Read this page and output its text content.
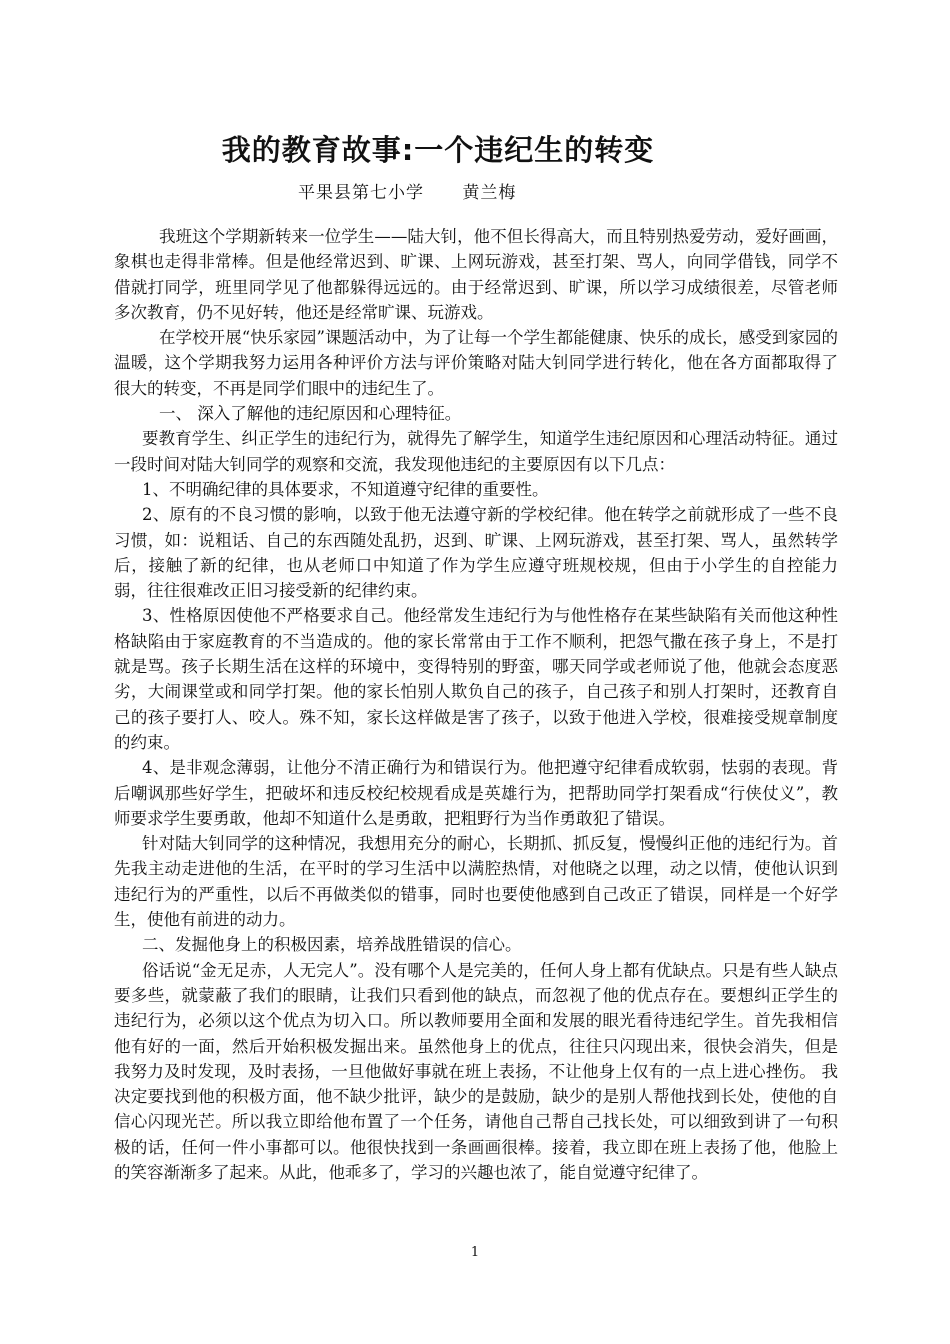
我的教育故事:一个违纪生的转变
平果县第七小学      黄兰梅

我班这个学期新转来一位学生——陆大钊，他不但长得高大，而且特别热爱劳动，爱好画画，象棋也走得非常棒。但是他经常迟到、旷课、上网玩游戏，甚至打架、骂人，向同学借钱，同学不借就打同学，班里同学见了他都躲得远远的。由于经常迟到、旷课，所以学习成绩很差，尽管老师多次教育，仍不见好转，他还是经常旷课、玩游戏。

在学校开展“快乐家园”课题活动中，为了让每一个学生都能健康、快乐的成长，感受到家园的温暖，这个学期我努力运用各种评价方法与评价策略对陆大钊同学进行转化，他在各方面都取得了很大的转变，不再是同学们眼中的违纪生了。

一、 深入了解他的违纪原因和心理特征。

要教育学生、纠正学生的违纪行为，就得先了解学生，知道学生违纪原因和心理活动特征。通过一段时间对陆大钊同学的观察和交流，我发现他违纪的主要原因有以下几点：

1、不明确纪律的具体要求，不知道遵守纪律的重要性。

2、原有的不良习惯的影响，以致于他无法遵守新的学校纪律。他在转学之前就形成了一些不良习惯，如：说粗话、自己的东西随处乱扔，迟到、旷课、上网玩游戏，甚至打架、骂人，虽然转学后，接触了新的纪律，也从老师口中知道了作为学生应遵守班规校规，但由于小学生的自控能力弱，往往很难改正旧习接受新的纪律约束。

3、性格原因使他不严格要求自己。他经常发生违纪行为与他性格存在某些缺陷有关而他这种性格缺陷由于家庭教育的不当造成的。他的家长常常由于工作不顺利，把怨气撒在孩子身上，不是打就是骂。孩子长期生活在这样的环境中，变得特别的野蛮，哪天同学或老师说了他，他就会态度恶劣，大闹课堂或和同学打架。他的家长怕别人欺负自己的孩子，自己孩子和别人打架时，还教育自己的孩子要打人、咬人。殊不知，家长这样做是害了孩子，以致于他进入学校，很难接受规章制度的约束。

4、是非观念薄弱，让他分不清正确行为和错误行为。他把遵守纪律看成软弱，怯弱的表现。背后嘲讽那些好学生，把破坏和违反校纪校规看成是英雄行为，把帮助同学打架看成“行侠仗义”，教师要求学生要勇敢，他却不知道什么是勇敢，把粗野行为当作勇敢犯了错误。

针对陆大钊同学的这种情况，我想用充分的耐心，长期抓、抓反复，慢慢纠正他的违纪行为。首先我主动走进他的生活，在平时的学习生活中以满腔热情，对他晓之以理，动之以情，使他认识到违纪行为的严重性，以后不再做类似的错事，同时也要使他感到自己改正了错误，同样是一个好学生，使他有前进的动力。

二、发掘他身上的积极因素，培养战胜错误的信心。

俗话说“金无足赤，人无完人”。没有哪个人是完美的，任何人身上都有优缺点。只是有些人缺点要多些，就蒙蔽了我们的眼睛，让我们只看到他的缺点，而忽视了他的优点存在。要想纠正学生的违纪行为，必须以这个优点为切入口。所以教师要用全面和发展的眼光看待违纪学生。首先我相信他有好的一面，然后开始积极发掘出来。虽然他身上的优点，往往只闪现出来，很快会消失，但是我努力及时发现，及时表扬，一旦他做好事就在班上表扬，不让他身上仅有的一点上进心挫伤。 我决定要找到他的积极方面，他不缺少批评，缺少的是鼓励，缺少的是别人帮他找到长处，使他的自信心闪现光芒。所以我立即给他布置了一个任务，请他自己帮自己找长处，可以细致到讲了一句积极的话，任何一件小事都可以。他很快找到一条画画很棒。接着，我立即在班上表扬了他，他脸上的笑容渐渐多了起来。从此，他乖多了，学习的兴趣也浓了，能自觉遵守纪律了。

1
